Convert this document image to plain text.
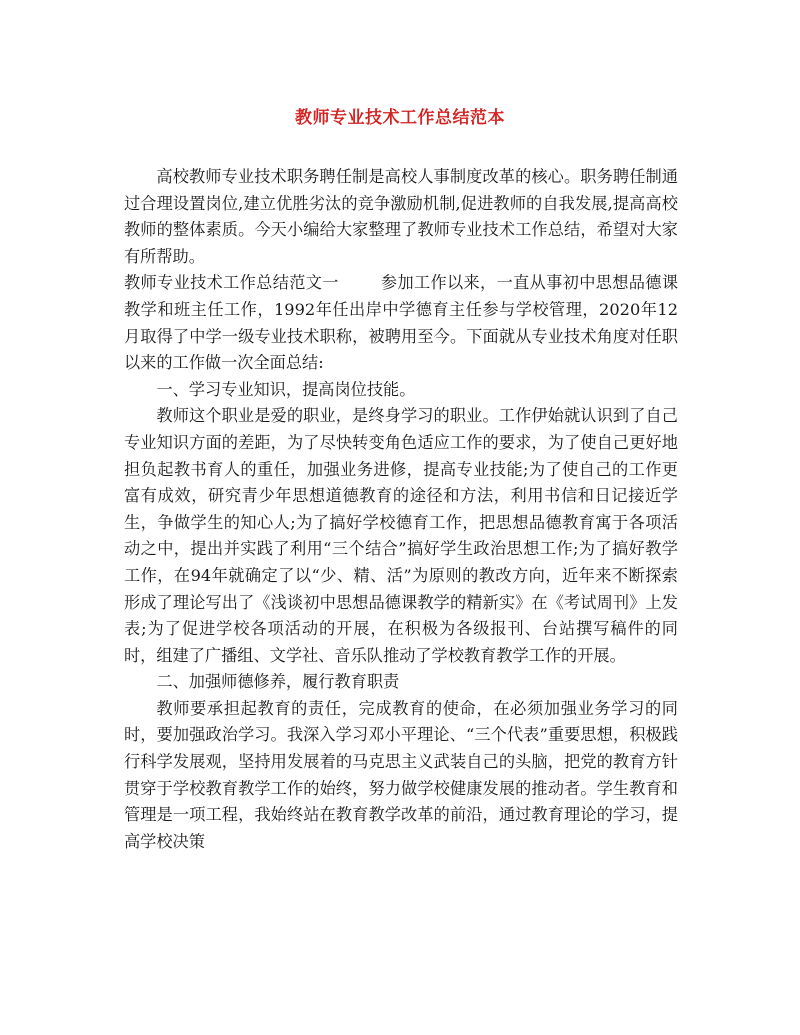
教师专业技术工作总结范本

高校教师专业技术职务聘任制是高校人事制度改革的核心。职务聘任制通过合理设置岗位,建立优胜劣汰的竞争激励机制,促进教师的自我发展,提高高校教师的整体素质。今天小编给大家整理了教师专业技术工作总结，希望对大家有所帮助。

教师专业技术工作总结范文一	参加工作以来，一直从事初中思想品德课教学和班主任工作，1992年任出岸中学德育主任参与学校管理，2020年12月取得了中学一级专业技术职称，被聘用至今。下面就从专业技术角度对任职以来的工作做一次全面总结:

一、学习专业知识，提高岗位技能。

教师这个职业是爱的职业，是终身学习的职业。工作伊始就认识到了自己专业知识方面的差距，为了尽快转变角色适应工作的要求，为了使自己更好地担负起教书育人的重任，加强业务进修，提高专业技能;为了使自己的工作更富有成效，研究青少年思想道德教育的途径和方法，利用书信和日记接近学生，争做学生的知心人;为了搞好学校德育工作，把思想品德教育寓于各项活动之中，提出并实践了利用“三个结合”搞好学生政治思想工作;为了搞好教学工作，在94年就确定了以“少、精、活”为原则的教改方向，近年来不断探索形成了理论写出了《浅谈初中思想品德课教学的精新实》在《考试周刊》上发表;为了促进学校各项活动的开展，在积极为各级报刊、台站撰写稿件的同时，组建了广播组、文学社、音乐队推动了学校教育教学工作的开展。

二、加强师德修养，履行教育职责

教师要承担起教育的责任，完成教育的使命，在必须加强业务学习的同时，要加强政治学习。我深入学习邓小平理论、“三个代表”重要思想，积极践行科学发展观，坚持用发展着的马克思主义武装自己的头脑，把党的教育方针贯穿于学校教育教学工作的始终，努力做学校健康发展的推动者。学生教育和管理是一项工程，我始终站在教育教学改革的前沿，通过教育理论的学习，提高学校决策
